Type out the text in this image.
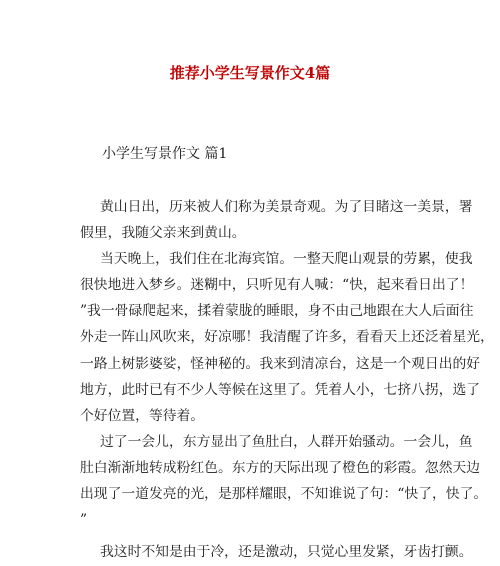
推荐小学生写景作文4篇
小学生写景作文 篇1
黄山日出，历来被人们称为美景奇观。为了目睹这一美景，署
假里，我随父亲来到黄山。
当天晚上，我们住在北海宾馆。一整天爬山观景的劳累，使我
很快地进入梦乡。迷糊中，只听见有人喊：“快，起来看日出了！
”我一骨碌爬起来，揉着蒙胧的睡眼，身不由己地跟在大人后面往
外走一阵山风吹来，好凉哪！我清醒了许多，看看天上还泛着星光，
一路上树影婆娑，怪神秘的。我来到清凉台，这是一个观日出的好
地方，此时已有不少人等候在这里了。凭着人小，七挤八拐，选了
个好位置，等待着。
过了一会儿，东方显出了鱼肚白，人群开始骚动。一会儿，鱼
肚白渐渐地转成粉红色。东方的天际出现了橙色的彩霞。忽然天边
出现了一道发亮的光，是那样耀眼，不知谁说了句：“快了，快了。
”
我这时不知是由于冷，还是激动，只觉心里发紧，牙齿打颤。
